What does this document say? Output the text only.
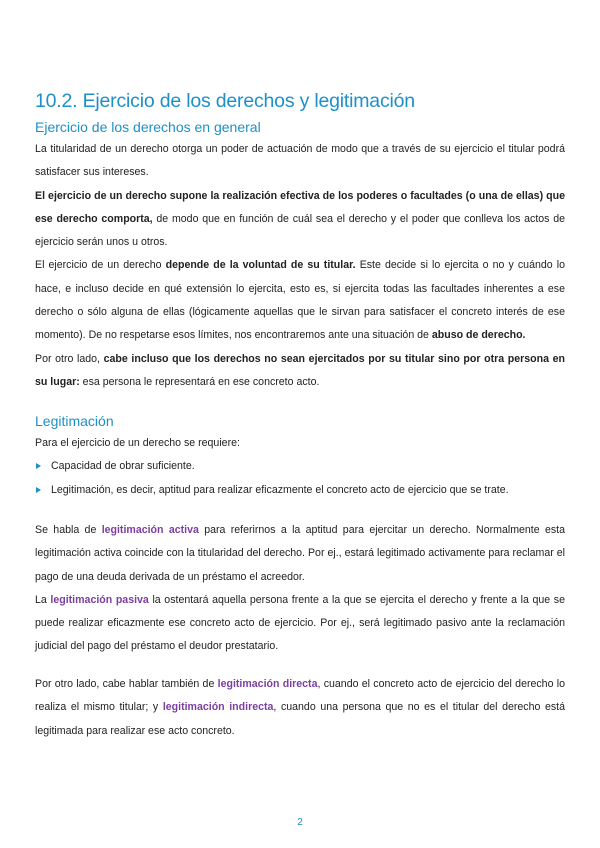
10.2. Ejercicio de los derechos y legitimación
Ejercicio de los derechos en general

La titularidad de un derecho otorga un poder de actuación de modo que a través de su ejercicio el titular podrá satisfacer sus intereses.

El ejercicio de un derecho supone la realización efectiva de los poderes o facultades (o una de ellas) que ese derecho comporta, de modo que en función de cuál sea el derecho y el poder que conlleva los actos de ejercicio serán unos u otros.

El ejercicio de un derecho depende de la voluntad de su titular. Este decide si lo ejercita o no y cuándo lo hace, e incluso decide en qué extensión lo ejercita, esto es, si ejercita todas las facultades inherentes a ese derecho o sólo alguna de ellas (lógicamente aquellas que le sirvan para satisfacer el concreto interés de ese momento). De no respetarse esos límites, nos encontraremos ante una situación de abuso de derecho.

Por otro lado, cabe incluso que los derechos no sean ejercitados por su titular sino por otra persona en su lugar: esa persona le representará en ese concreto acto.

Legitimación

Para el ejercicio de un derecho se requiere:

Capacidad de obrar suficiente.
Legitimación, es decir, aptitud para realizar eficazmente el concreto acto de ejercicio que se trate.

Se habla de legitimación activa para referirnos a la aptitud para ejercitar un derecho. Normalmente esta legitimación activa coincide con la titularidad del derecho. Por ej., estará legitimado activamente para reclamar el pago de una deuda derivada de un préstamo el acreedor.

La legitimación pasiva la ostentará aquella persona frente a la que se ejercita el derecho y frente a la que se puede realizar eficazmente ese concreto acto de ejercicio. Por ej., será legitimado pasivo ante la reclamación judicial del pago del préstamo el deudor prestatario.

Por otro lado, cabe hablar también de legitimación directa, cuando el concreto acto de ejercicio del derecho lo realiza el mismo titular; y legitimación indirecta, cuando una persona que no es el titular del derecho está legitimada para realizar ese acto concreto.

2
